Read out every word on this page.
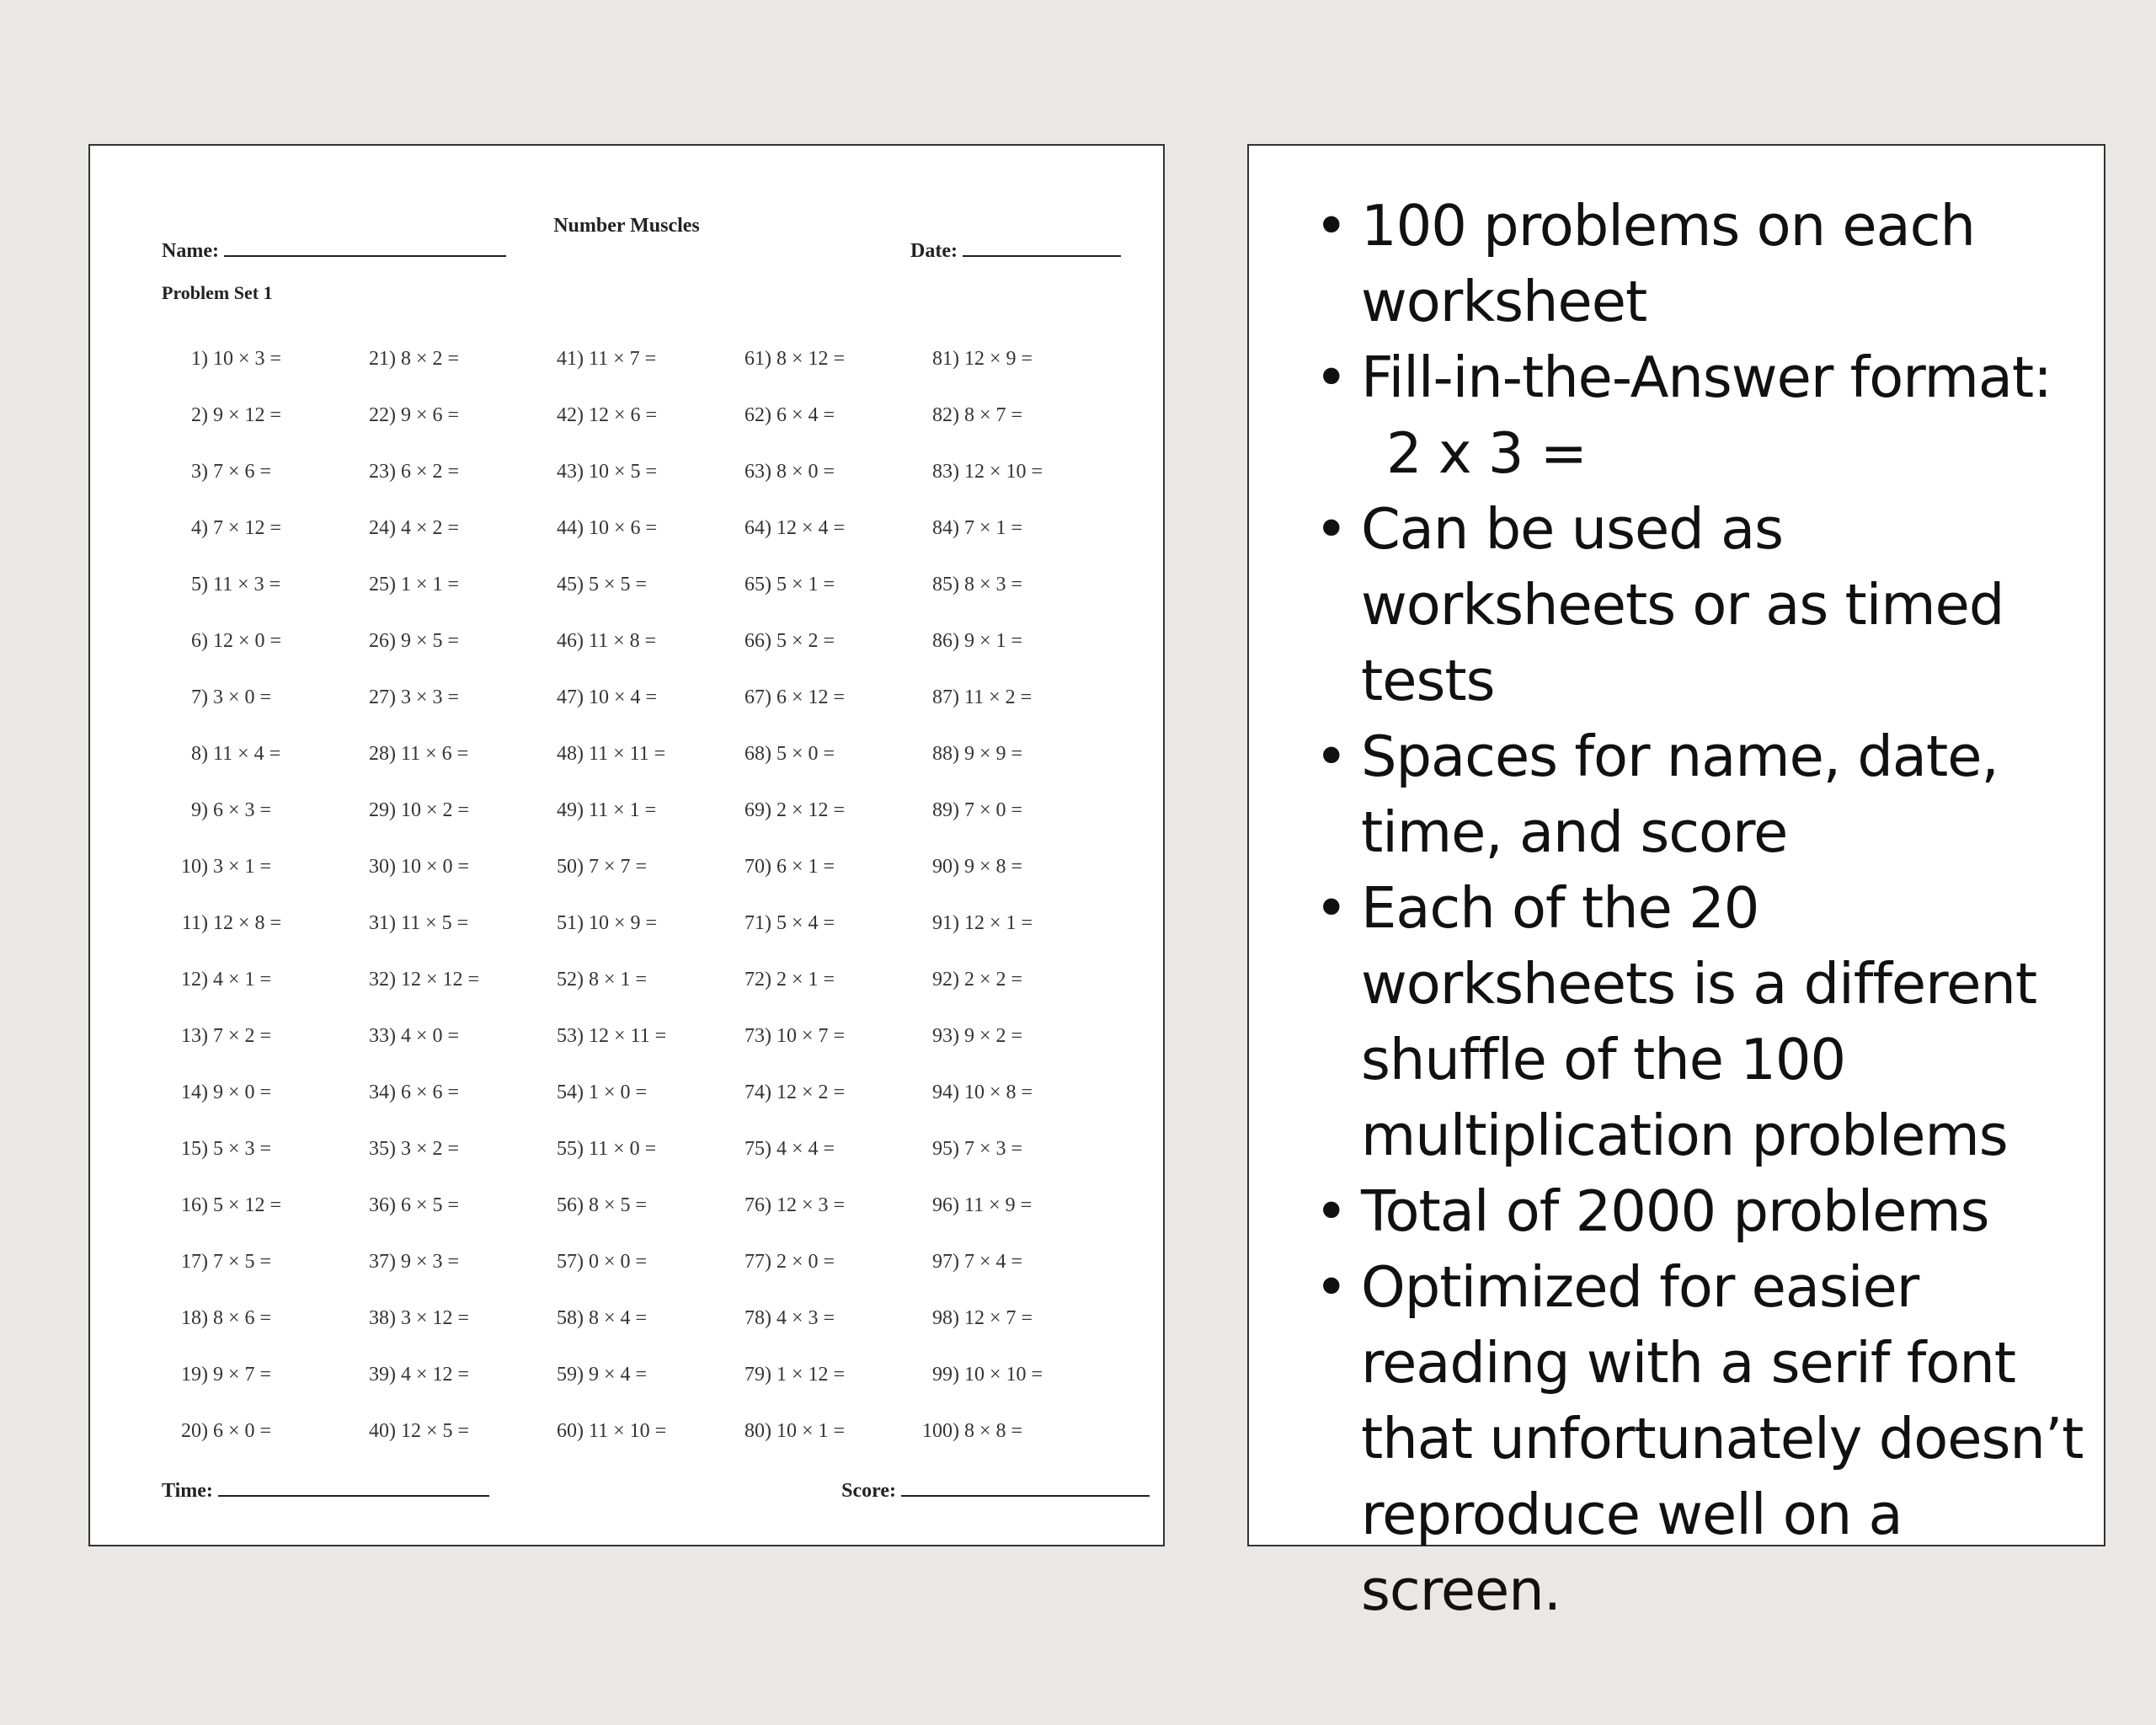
Number Muscles
Name:	Date:
Problem Set 1
1) 10 × 3 =
2) 9 × 12 =
3) 7 × 6 =
4) 7 × 12 =
5) 11 × 3 =
6) 12 × 0 =
7) 3 × 0 =
8) 11 × 4 =
9) 6 × 3 =
10) 3 × 1 =
11) 12 × 8 =
12) 4 × 1 =
13) 7 × 2 =
14) 9 × 0 =
15) 5 × 3 =
16) 5 × 12 =
17) 7 × 5 =
18) 8 × 6 =
19) 9 × 7 =
20) 6 × 0 =
21) 8 × 2 =
22) 9 × 6 =
23) 6 × 2 =
24) 4 × 2 =
25) 1 × 1 =
26) 9 × 5 =
27) 3 × 3 =
28) 11 × 6 =
29) 10 × 2 =
30) 10 × 0 =
31) 11 × 5 =
32) 12 × 12 =
33) 4 × 0 =
34) 6 × 6 =
35) 3 × 2 =
36) 6 × 5 =
37) 9 × 3 =
38) 3 × 12 =
39) 4 × 12 =
40) 12 × 5 =
41) 11 × 7 =
42) 12 × 6 =
43) 10 × 5 =
44) 10 × 6 =
45) 5 × 5 =
46) 11 × 8 =
47) 10 × 4 =
48) 11 × 11 =
49) 11 × 1 =
50) 7 × 7 =
51) 10 × 9 =
52) 8 × 1 =
53) 12 × 11 =
54) 1 × 0 =
55) 11 × 0 =
56) 8 × 5 =
57) 0 × 0 =
58) 8 × 4 =
59) 9 × 4 =
60) 11 × 10 =
61) 8 × 12 =
62) 6 × 4 =
63) 8 × 0 =
64) 12 × 4 =
65) 5 × 1 =
66) 5 × 2 =
67) 6 × 12 =
68) 5 × 0 =
69) 2 × 12 =
70) 6 × 1 =
71) 5 × 4 =
72) 2 × 1 =
73) 10 × 7 =
74) 12 × 2 =
75) 4 × 4 =
76) 12 × 3 =
77) 2 × 0 =
78) 4 × 3 =
79) 1 × 12 =
80) 10 × 1 =
81) 12 × 9 =
82) 8 × 7 =
83) 12 × 10 =
84) 7 × 1 =
85) 8 × 3 =
86) 9 × 1 =
87) 11 × 2 =
88) 9 × 9 =
89) 7 × 0 =
90) 9 × 8 =
91) 12 × 1 =
92) 2 × 2 =
93) 9 × 2 =
94) 10 × 8 =
95) 7 × 3 =
96) 11 × 9 =
97) 7 × 4 =
98) 12 × 7 =
99) 10 × 10 =
100) 8 × 8 =
Time:	Score:
• 100 problems on each worksheet
• Fill-in-the-Answer format:
2 x 3 =
• Can be used as worksheets or as timed tests
• Spaces for name, date, time, and score
• Each of the 20 worksheets is a different shuffle of the 100 multiplication problems
• Total of 2000 problems
• Optimized for easier reading with a serif font that unfortunately doesn’t reproduce well on a screen.
